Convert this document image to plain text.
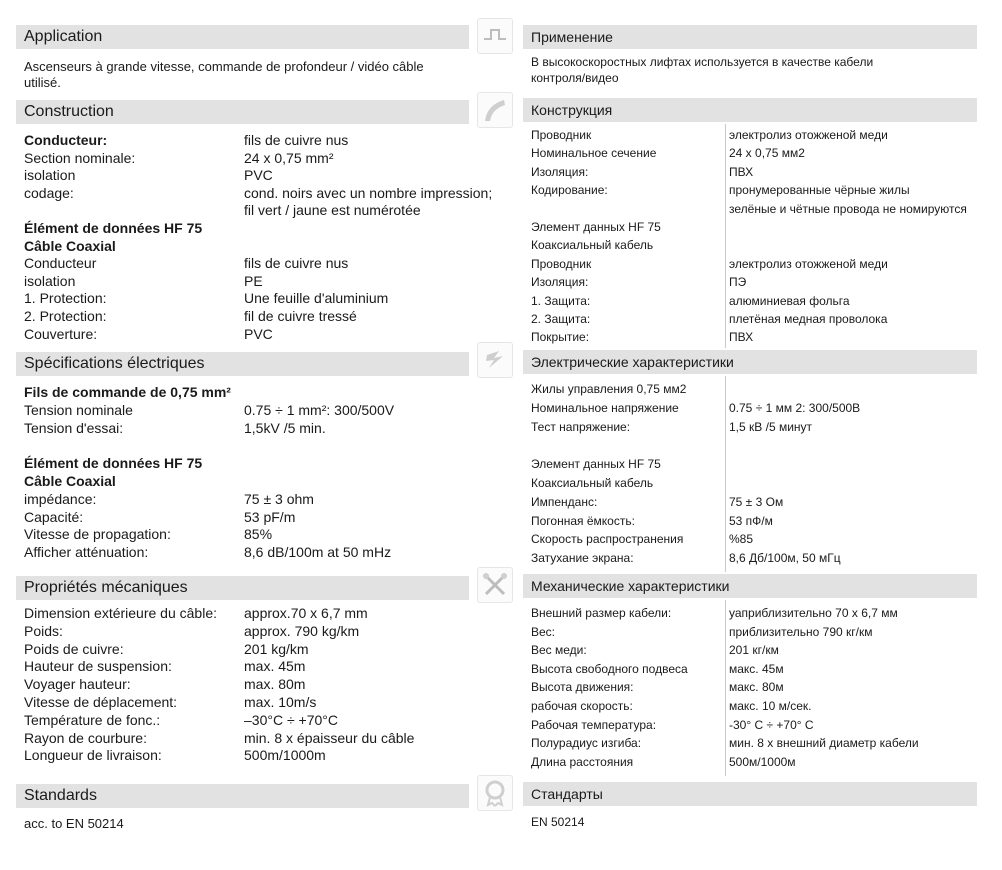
Application
Ascenseurs à grande vitesse, commande de profondeur / vidéo câble utilisé.
Construction
Conducteur:	fils de cuivre nus
Section nominale:	24 x 0,75 mm²
isolation	PVC
codage:	cond. noirs avec un nombre impression;
fil vert / jaune est numérotée
Élément de données HF 75
Câble Coaxial
Conducteur	fils de cuivre nus
isolation	PE
1. Protection:	Une feuille d'aluminium
2. Protection:	fil de cuivre tressé
Couverture:	PVC
Spécifications électriques
Fils de commande de 0,75 mm²
Tension nominale	0.75 ÷ 1 mm²: 300/500V
Tension d'essai:	1,5kV /5 min.
Élément de données HF 75
Câble Coaxial
impédance:	75 ± 3 ohm
Capacité:	53 pF/m
Vitesse de propagation:	85%
Afficher atténuation:	8,6 dB/100m at 50 mHz
Propriétés mécaniques
Dimension extérieure du câble: approx.70 x 6,7 mm
Poids:	approx. 790 kg/km
Poids de cuivre:	201 kg/km
Hauteur de suspension:	max. 45m
Voyager hauteur:	max. 80m
Vitesse de déplacement:	max. 10m/s
Température de fonc.:	–30°C ÷ +70°C
Rayon de courbure:	min. 8 x épaisseur du câble
Longueur de livraison:	500m/1000m
Standards
acc. to EN 50214
Применение
В высокоскоростных лифтах используется в качестве кабели контроля/видео
Конструкция
Проводник	электролиз отожженой меди
Номинальное сечение	24 x 0,75 мм2
Изоляция:	ПВХ
Кодирование:	пронумерованные чёрные жилы
зелёные и чётные провода не номируются
Элемент данных HF 75
Коаксиальный кабель
Проводник	электролиз отожженой меди
Изоляция:	ПЭ
1. Защита:	алюминиевая фольга
2. Защита:	плетёная медная проволока
Покрытие:	ПВХ
Электрические характеристики
Жилы управления 0,75 мм2
Номинальное напряжение	0.75 ÷ 1 мм 2: 300/500В
Тест напряжение:	1,5 кВ /5 минут
Элемент данных HF 75
Коаксиальный кабель
Импенданс:	75 ± 3 Ом
Погонная ёмкость:	53 пФ/м
Скорость распространения	%85
Затухание экрана:	8,6 Дб/100м, 50 мГц
Механические характеристики
Внешний размер кабели:	уаприблизительно 70 x 6,7 мм
Вес:	приблизительно 790 кг/км
Вес меди:	201 кг/км
Высота свободного подвеса	макс. 45м
Высота движения:	макс. 80м
рабочая скорость:	макс. 10 м/сек.
Рабочая температура:	-30° C ÷ +70° C
Полурадиус изгиба:	мин. 8 x внешний диаметр кабели
Длина расстояния	500м/1000м
Стандарты
EN 50214
